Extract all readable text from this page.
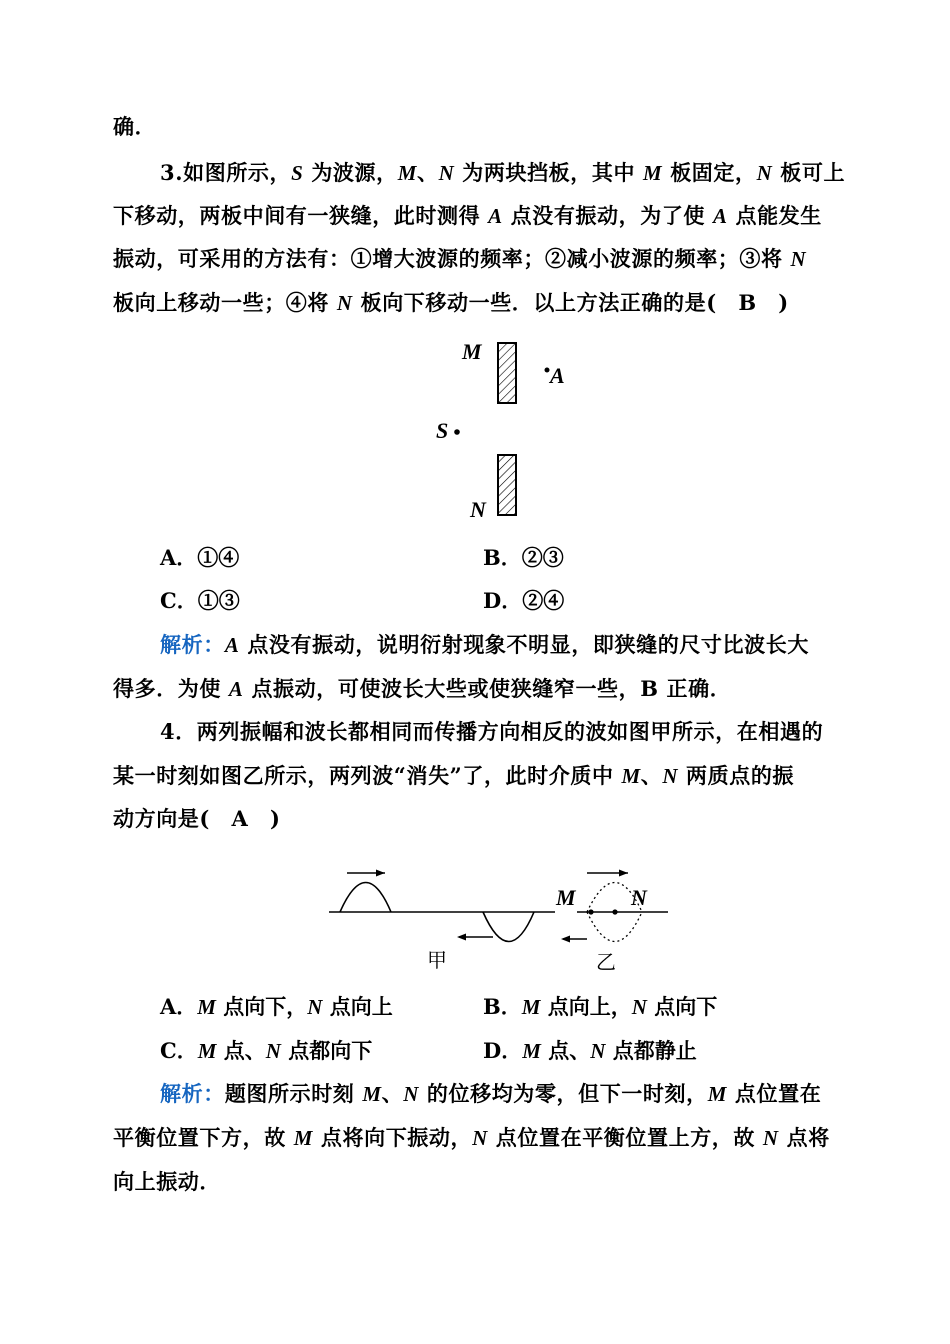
确．
3.如图所示，S 为波源，M、N 为两块挡板，其中 M 板固定，N 板可上
下移动，两板中间有一狭缝，此时测得 A 点没有振动，为了使 A 点能发生
振动，可采用的方法有：①增大波源的频率；②减小波源的频率；③将 N
板向上移动一些；④将 N 板向下移动一些．以上方法正确的是(　B　)
M
A
S
N
A．①④	B．②③
C．①③	D．②④
解析：A 点没有振动，说明衍射现象不明显，即狭缝的尺寸比波长大
得多．为使 A 点振动，可使波长大些或使狭缝窄一些，B 正确．
4．两列振幅和波长都相同而传播方向相反的波如图甲所示，在相遇的
某一时刻如图乙所示，两列波“消失”了，此时介质中 M、N 两质点的振
动方向是(　A　)
甲
M	N
乙
A．M 点向下，N 点向上	B．M 点向上，N 点向下
C．M 点、N 点都向下	D．M 点、N 点都静止
解析：题图所示时刻 M、N 的位移均为零，但下一时刻，M 点位置在
平衡位置下方，故 M 点将向下振动，N 点位置在平衡位置上方，故 N 点将
向上振动．
